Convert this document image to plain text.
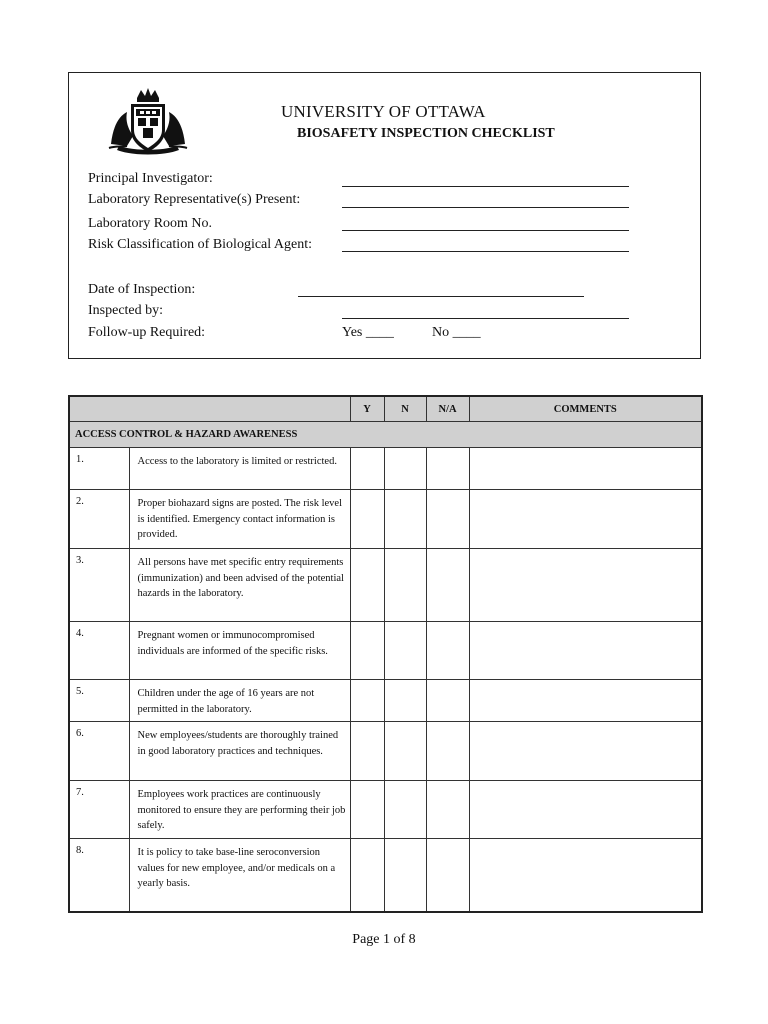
UNIVERSITY OF OTTAWA
BIOSAFETY INSPECTION CHECKLIST
Principal Investigator:
Laboratory Representative(s) Present:
Laboratory Room No.
Risk Classification of Biological Agent:
Date of Inspection:
Inspected by:
Follow-up Required:	Yes ____	No ____
		Y	N	N/A	COMMENTS
ACCESS CONTROL & HAZARD AWARENESS					
1.	Access to the laboratory is limited or restricted.				
2.	Proper biohazard signs are posted. The risk level is identified. Emergency contact information is provided.				
3.	All persons have met specific entry requirements (immunization) and been advised of the potential hazards in the laboratory.				
4.	Pregnant women or immunocompromised individuals are informed of the specific risks.				
5.	Children under the age of 16 years are not permitted in the laboratory.				
6.	New employees/students are thoroughly trained in good laboratory practices and techniques.				
7.	Employees work practices are continuously monitored to ensure they are performing their job safely.				
8.	It is policy to take base-line seroconversion values for new employee, and/or medicals on a yearly basis.				
Page 1 of 8
